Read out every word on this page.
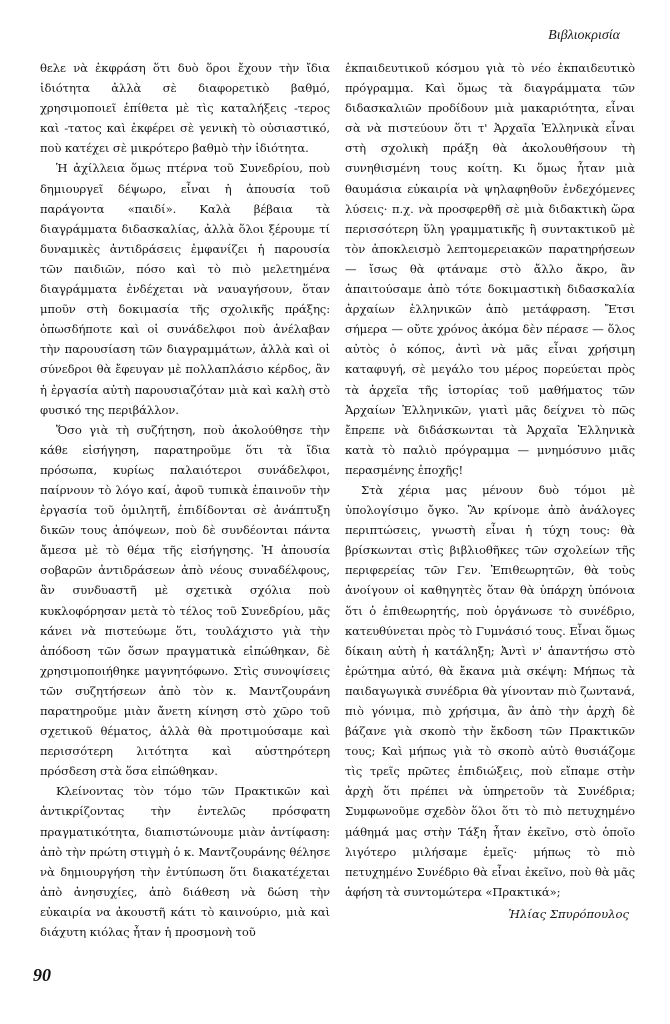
Βιβλιοκρισία

θελε νὰ ἐκφράση ὅτι δυὸ ὅροι ἔχουν τὴν ἴδια ἰδιότητα ἀλλὰ σὲ διαφορετικὸ βαθμό, χρησιμοποιεῖ ἐπίθετα μὲ τὶς καταλήξεις -τερος καὶ -τατος καὶ ἐκφέρει σὲ γενικὴ τὸ οὐσιαστικό, ποὺ κατέχει σὲ μικρότερο βαθμὸ τὴν ἰδιότητα.

Ἡ ἀχίλλεια ὅμως πτέρνα τοῦ Συνεδρίου, ποὺ δημιουργεῖ δέψωρο, εἶναι ἡ ἀπουσία τοῦ παράγοντα «παιδί». Καλὰ βέβαια τὰ διαγράμματα διδασκαλίας, ἀλλὰ ὅλοι ξέρουμε τί δυναμικὲς ἀντιδράσεις ἐμφανίζει ἡ παρουσία τῶν παιδιῶν, πόσο καὶ τὸ πιὸ μελετημένα διαγράμματα ἐνδέχεται νὰ ναυαγήσουν, ὅταν μποῦν στὴ δοκιμασία τῆς σχολικῆς πράξης: ὁπωσδήποτε καὶ οἱ συνάδελφοι ποὺ ἀνέλαβαν τὴν παρουσίαση τῶν διαγραμμάτων, ἀλλὰ καὶ οἱ σύνεδροι θὰ ἔφευγαν μὲ πολλαπλάσιο κέρδος, ἂν ἡ ἐργασία αὐτὴ παρουσιαζόταν μιὰ καὶ καλὴ στὸ φυσικό της περιβάλλον.

Ὅσο γιὰ τὴ συζήτηση, ποὺ ἀκολούθησε τὴν κάθε εἰσήγηση, παρατηροῦμε ὅτι τὰ ἴδια πρόσωπα, κυρίως παλαιότεροι συνάδελφοι, παίρνουν τὸ λόγο καί, ἀφοῦ τυπικὰ ἐπαινοῦν τὴν ἐργασία τοῦ ὁμιλητῆ, ἐπιδίδονται σὲ ἀνάπτυξη δικῶν τους ἀπόψεων, ποὺ δὲ συνδέονται πάντα ἄμεσα μὲ τὸ θέμα τῆς εἰσήγησης. Ἡ ἀπουσία σοβαρῶν ἀντιδράσεων ἀπὸ νέους συναδέλφους, ἂν συνδυαστῆ μὲ σχετικὰ σχόλια ποὺ κυκλοφόρησαν μετὰ τὸ τέλος τοῦ Συνεδρίου, μᾶς κάνει νὰ πιστεύωμε ὅτι, τουλάχιστο γιὰ τὴν ἀπόδοση τῶν ὅσων πραγματικὰ εἰπώθηκαν, δὲ χρησιμοποιήθηκε μαγνητόφωνο. Στὶς συνοψίσεις τῶν συζητήσεων ἀπὸ τὸν κ. Μαντζουράνη παρατηροῦμε μιὰν ἄνετη κίνηση στὸ χῶρο τοῦ σχετικοῦ θέματος, ἀλλὰ θὰ προτιμούσαμε καὶ περισσότερη λιτότητα καὶ αὐστηρότερη πρόσδεση στὰ ὅσα εἰπώθηκαν.

Κλείνοντας τὸν τόμο τῶν Πρακτικῶν καὶ ἀντικρίζοντας τὴν ἐντελῶς πρόσφατη πραγματικότητα, διαπιστώνουμε μιὰν ἀντίφαση: ἀπὸ τὴν πρώτη στιγμὴ ὁ κ. Μαντζουράνης θέλησε νὰ δημιουργήση τὴν ἐντύπωση ὅτι διακατέχεται ἀπὸ ἀνησυχίες, ἀπὸ διάθεση νὰ δώση τὴν εὐκαιρία να ἀκουστῆ κάτι τὸ καινούριο, μιὰ καὶ διάχυτη κιόλας ἦταν ἡ προσμονὴ τοῦ

ἐκπαιδευτικοῦ κόσμου γιὰ τὸ νέο ἐκπαιδευτικὸ πρόγραμμα. Καὶ ὅμως τὰ διαγράμματα τῶν διδασκαλιῶν προδίδουν μιὰ μακαριότητα, εἶναι σὰ νὰ πιστεύουν ὅτι τ' Ἀρχαῖα Ἑλληνικὰ εἶναι στὴ σχολικὴ πράξη θὰ ἀκολουθήσουν τὴ συνηθισμένη τους κοίτη. Κι ὅμως ἦταν μιὰ θαυμάσια εὐκαιρία νὰ ψηλαφηθοῦν ἐνδεχόμενες λύσεις· π.χ. νὰ προσφερθῆ σὲ μιὰ διδακτικὴ ὥρα περισσότερη ὕλη γραμματικῆς ἢ συντακτικοῦ μὲ τὸν ἀποκλεισμὸ λεπτομερειακῶν παρατηρήσεων — ἴσως θὰ φτάναμε στὸ ἄλλο ἄκρο, ἂν ἀπαιτούσαμε ἀπὸ τότε δοκιμαστικὴ διδασκαλία ἀρχαίων ἑλληνικῶν ἀπὸ μετάφραση. Ἔτσι σήμερα — οὔτε χρόνος ἀκόμα δὲν πέρασε — ὅλος αὐτὸς ὁ κόπος, ἀντὶ νὰ μᾶς εἶναι χρήσιμη καταφυγή, σὲ μεγάλο του μέρος πορεύεται πρὸς τὰ ἀρχεῖα τῆς ἱστορίας τοῦ μαθήματος τῶν Ἀρχαίων Ἑλληνικῶν, γιατὶ μᾶς δείχνει τὸ πῶς ἔπρεπε νὰ διδάσκωνται τὰ Ἀρχαῖα Ἑλληνικὰ κατὰ τὸ παλιὸ πρόγραμμα — μνημόσυνο μιᾶς περασμένης ἐποχῆς!

Στὰ χέρια μας μένουν δυὸ τόμοι μὲ ὑπολογίσιμο ὄγκο. Ἂν κρίνομε ἀπὸ ἀνάλογες περιπτώσεις, γνωστὴ εἶναι ἡ τύχη τους: θὰ βρίσκωνται στὶς βιβλιοθῆκες τῶν σχολείων τῆς περιφερείας τῶν Γεν. Ἐπιθεωρητῶν, θὰ τοὺς ἀνοίγουν οἱ καθηγητὲς ὅταν θὰ ὑπάρχη ὑπόνοια ὅτι ὁ ἐπιθεωρητής, ποὺ ὀργάνωσε τὸ συνέδριο, κατευθύνεται πρὸς τὸ Γυμνάσιό τους. Εἶναι ὅμως δίκαιη αὐτὴ ἡ κατάληξη; Ἀντὶ ν' ἀπαντήσω στὸ ἐρώτημα αὐτό, θὰ ἔκανα μιὰ σκέψη: Μήπως τὰ παιδαγωγικὰ συνέδρια θὰ γίνονταν πιὸ ζωντανά, πιὸ γόνιμα, πιὸ χρήσιμα, ἂν ἀπὸ τὴν ἀρχὴ δὲ βάζανε γιὰ σκοπὸ τὴν ἔκδοση τῶν Πρακτικῶν τους; Καὶ μήπως γιὰ τὸ σκοπὸ αὐτὸ θυσιάζομε τὶς τρεῖς πρῶτες ἐπιδιώξεις, ποὺ εἴπαμε στὴν ἀρχὴ ὅτι πρέπει νὰ ὑπηρετοῦν τὰ Συνέδρια; Συμφωνοῦμε σχεδὸν ὅλοι ὅτι τὸ πιὸ πετυχημένο μάθημά μας στὴν Τάξη ἦταν ἐκεῖνο, στὸ ὁποῖο λιγότερο μιλήσαμε ἐμεῖς· μήπως τὸ πιὸ πετυχημένο Συνέδριο θὰ εἶναι ἐκεῖνο, ποὺ θὰ μᾶς ἀφήση τὰ συντομώτερα «Πρακτικά»;

Ἠλίας Σπυρόπουλος
90
